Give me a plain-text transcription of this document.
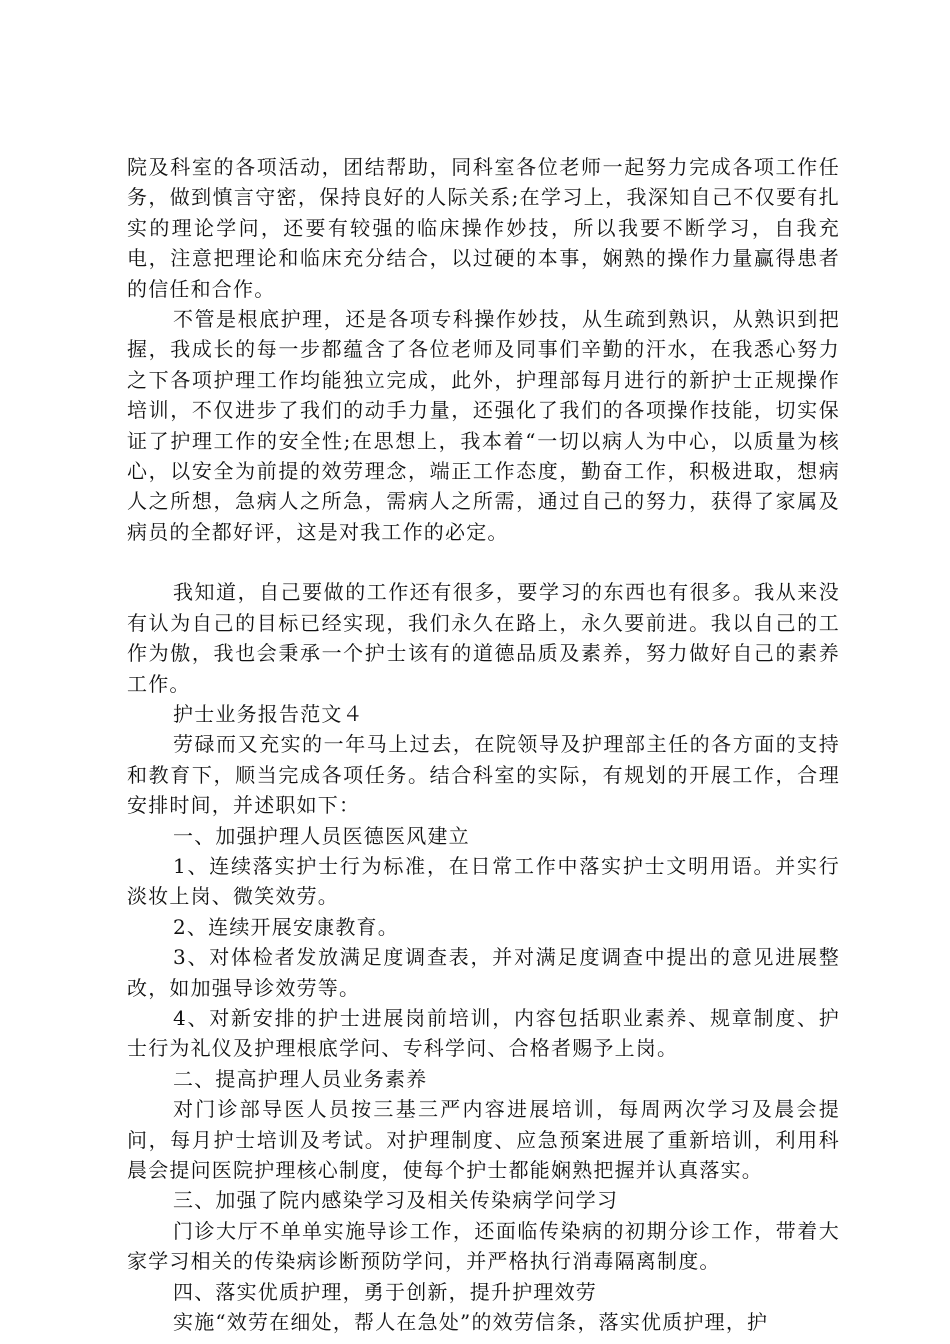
院及科室的各项活动，团结帮助，同科室各位老师一起努力完成各项工作任务，做到慎言守密，保持良好的人际关系;在学习上，我深知自己不仅要有扎实的理论学问，还要有较强的临床操作妙技，所以我要不断学习，自我充电，注意把理论和临床充分结合，以过硬的本事，娴熟的操作力量赢得患者的信任和合作。

不管是根底护理，还是各项专科操作妙技，从生疏到熟识，从熟识到把握，我成长的每一步都蕴含了各位老师及同事们辛勤的汗水，在我悉心努力之下各项护理工作均能独立完成，此外，护理部每月进行的新护士正规操作培训，不仅进步了我们的动手力量，还强化了我们的各项操作技能，切实保证了护理工作的安全性;在思想上，我本着“一切以病人为中心，以质量为核心，以安全为前提的效劳理念，端正工作态度，勤奋工作，积极进取，想病人之所想，急病人之所急，需病人之所需，通过自己的努力，获得了家属及病员的全都好评，这是对我工作的必定。

我知道，自己要做的工作还有很多，要学习的东西也有很多。我从来没有认为自己的目标已经实现，我们永久在路上，永久要前进。我以自己的工作为傲，我也会秉承一个护士该有的道德品质及素养，努力做好自己的素养工作。

护士业务报告范文４

劳碌而又充实的一年马上过去，在院领导及护理部主任的各方面的支持和教育下，顺当完成各项任务。结合科室的实际，有规划的开展工作，合理安排时间，并述职如下：

一、加强护理人员医德医风建立

1、连续落实护士行为标准，在日常工作中落实护士文明用语。并实行淡妆上岗、微笑效劳。

2、连续开展安康教育。

3、对体检者发放满足度调查表，并对满足度调查中提出的意见进展整改，如加强导诊效劳等。

4、对新安排的护士进展岗前培训，内容包括职业素养、规章制度、护士行为礼仪及护理根底学问、专科学问、合格者赐予上岗。

二、提高护理人员业务素养

对门诊部导医人员按三基三严内容进展培训，每周两次学习及晨会提问，每月护士培训及考试。对护理制度、应急预案进展了重新培训，利用科晨会提问医院护理核心制度，使每个护士都能娴熟把握并认真落实。

三、加强了院内感染学习及相关传染病学问学习

门诊大厅不单单实施导诊工作，还面临传染病的初期分诊工作，带着大家学习相关的传染病诊断预防学问，并严格执行消毒隔离制度。

四、落实优质护理，勇于创新，提升护理效劳

实施“效劳在细处，帮人在急处”的效劳信条，落实优质护理，护
